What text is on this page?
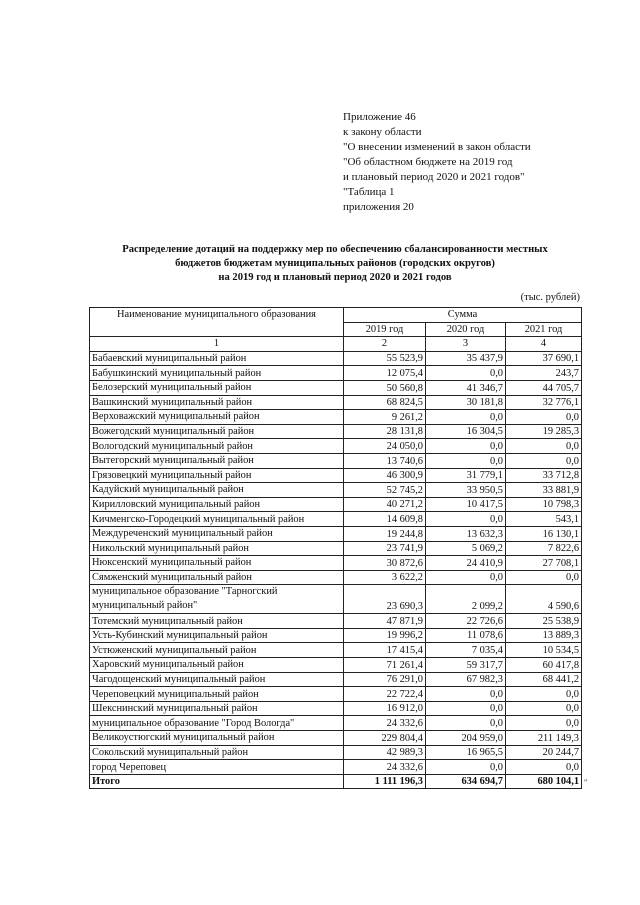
Приложение 46
к закону области
"О внесении изменений в закон области
"Об областном бюджете на 2019 год
и плановый период 2020 и 2021 годов"
"Таблица 1
приложения 20
Распределение дотаций на поддержку мер по обеспечению сбалансированности местных
бюджетов бюджетам муниципальных районов (городских округов)
на 2019 год и плановый период 2020 и 2021 годов
(тыс. рублей)
Наименование муниципального образования	Сумма		
	2019 год	2020 год	2021 год
1	2	3	4
Бабаевский муниципальный район	55 523,9	35 437,9	37 690,1
Бабушкинский муниципальный район	12 075,4	0,0	243,7
Белозерский муниципальный район	50 560,8	41 346,7	44 705,7
Вашкинский муниципальный район	68 824,5	30 181,8	32 776,1
Верховажский муниципальный район	9 261,2	0,0	0,0
Вожегодский муниципальный район	28 131,8	16 304,5	19 285,3
Вологодский муниципальный район	24 050,0	0,0	0,0
Вытегорский муниципальный район	13 740,6	0,0	0,0
Грязовецкий муниципальный район	46 300,9	31 779,1	33 712,8
Кадуйский муниципальный район	52 745,2	33 950,5	33 881,9
Кирилловский муниципальный район	40 271,2	10 417,5	10 798,3
Кичменгско-Городецкий муниципальный район	14 609,8	0,0	543,1
Междуреченский муниципальный район	19 244,8	13 632,3	16 130,1
Никольский муниципальный район	23 741,9	5 069,2	7 822,6
Нюксенский муниципальный район	30 872,6	24 410,9	27 708,1
Сямженский муниципальный район	3 622,2	0,0	0,0
муниципальное образование "Тарногский муниципальный район"	23 690,3	2 099,2	4 590,6
Тотемский муниципальный район	47 871,9	22 726,6	25 538,9
Усть-Кубинский муниципальный район	19 996,2	11 078,6	13 889,3
Устюженский муниципальный район	17 415,4	7 035,4	10 534,5
Харовский муниципальный район	71 261,4	59 317,7	60 417,8
Чагодощенский муниципальный район	76 291,0	67 982,3	68 441,2
Череповецкий муниципальный район	22 722,4	0,0	0,0
Шекснинский муниципальный район	16 912,0	0,0	0,0
муниципальное образование "Город Вологда"	24 332,6	0,0	0,0
Великоустюгский муниципальный район	229 804,4	204 959,0	211 149,3
Сокольский муниципальный район	42 989,3	16 965,5	20 244,7
город Череповец	24 332,6	0,0	0,0
Итого	1 111 196,3	634 694,7	680 104,1 "
